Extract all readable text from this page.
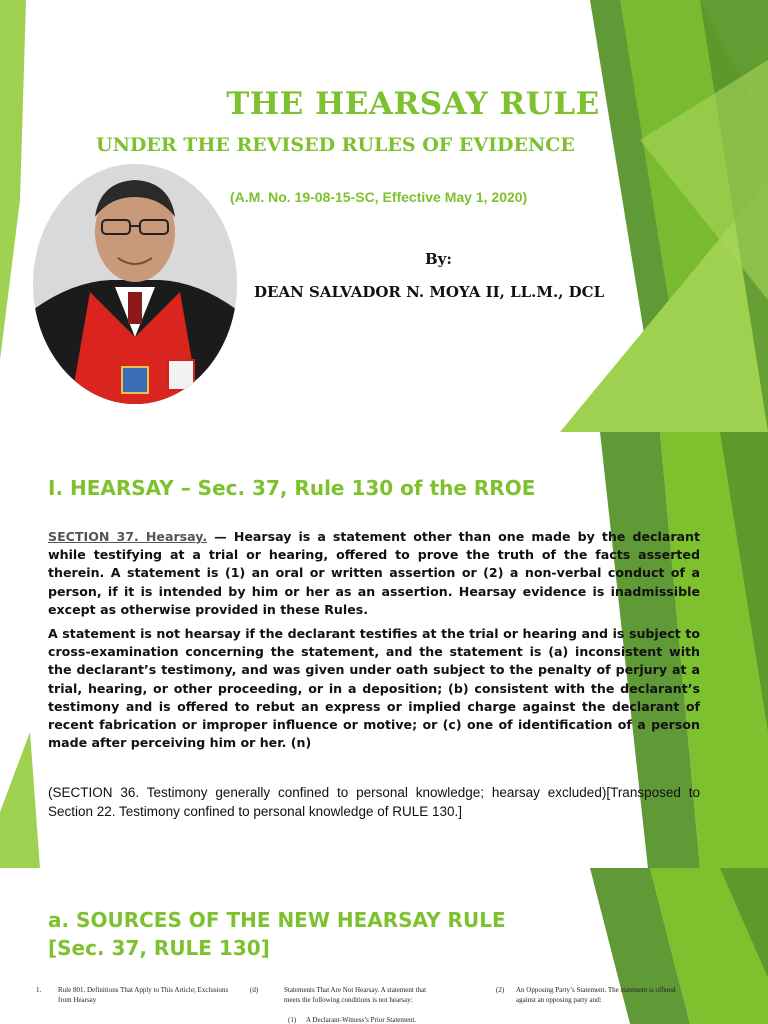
THE HEARSAY RULE
UNDER THE REVISED RULES OF EVIDENCE
(A.M. No. 19-08-15-SC, Effective May 1, 2020)
By:
DEAN SALVADOR N. MOYA II, LL.M., DCL
I. HEARSAY – Sec. 37, Rule 130 of the RROE

SECTION 37. Hearsay. — Hearsay is a statement other than one made by the declarant while testifying at a trial or hearing, offered to prove the truth of the facts asserted therein. A statement is (1) an oral or written assertion or (2) a non-verbal conduct of a person, if it is intended by him or her as an assertion. Hearsay evidence is inadmissible except as otherwise provided in these Rules.

A statement is not hearsay if the declarant testifies at the trial or hearing and is subject to cross-examination concerning the statement, and the statement is (a) inconsistent with the declarant’s testimony, and was given under oath subject to the penalty of perjury at a trial, hearing, or other proceeding, or in a deposition; (b) consistent with the declarant’s testimony and is offered to rebut an express or implied charge against the declarant of recent fabrication or improper influence or motive; or (c) one of identification of a person made after perceiving him or her. (n)

(SECTION 36. Testimony generally confined to personal knowledge; hearsay excluded)[Transposed to Section 22. Testimony confined to personal knowledge of RULE 130.]
a. SOURCES OF THE NEW HEARSAY RULE
[Sec. 37, RULE 130]
1. Rule 801. Definitions That Apply to This Article; Exclusions from Hearsay
(d)	Statements That Are Not Hearsay. A statement that meets the following conditions is not hearsay:
(1) A Declarant-Witness’s Prior Statement.
(2) An Opposing Party’s Statement. The statement is offered against an opposing party and:
